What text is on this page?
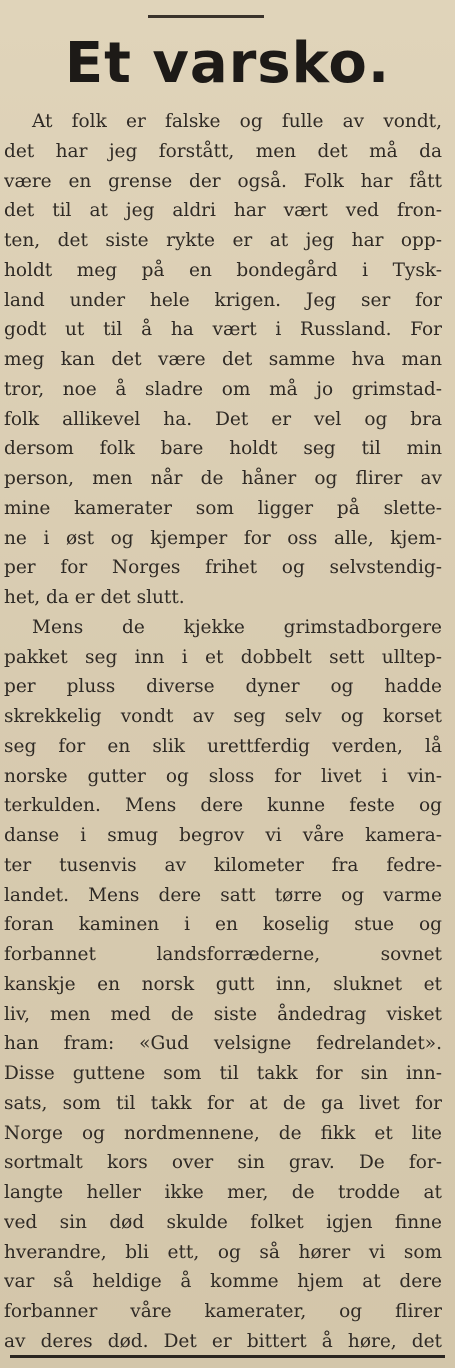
Et varsko.
At folk er falske og fulle av vondt,
det har jeg forstått, men det må da
være en grense der også. Folk har fått
det til at jeg aldri har vært ved fron-
ten, det siste rykte er at jeg har opp-
holdt meg på en bondegård i Tysk-
land under hele krigen. Jeg ser for
godt ut til å ha vært i Russland. For
meg kan det være det samme hva man
tror, noe å sladre om må jo grimstad-
folk allikevel ha. Det er vel og bra
dersom folk bare holdt seg til min
person, men når de håner og flirer av
mine kamerater som ligger på slette-
ne i øst og kjemper for oss alle, kjem-
per for Norges frihet og selvstendig-
het, da er det slutt.
Mens de kjekke grimstadborgere
pakket seg inn i et dobbelt sett ulltep-
per pluss diverse dyner og hadde
skrekkelig vondt av seg selv og korset
seg for en slik urettferdig verden, lå
norske gutter og sloss for livet i vin-
terkulden. Mens dere kunne feste og
danse i smug begrov vi våre kamera-
ter tusenvis av kilometer fra fedre-
landet. Mens dere satt tørre og varme
foran kaminen i en koselig stue og
forbannet landsforræderne, sovnet
kanskje en norsk gutt inn, sluknet et
liv, men med de siste åndedrag visket
han fram: «Gud velsigne fedrelandet».
Disse guttene som til takk for sin inn-
sats, som til takk for at de ga livet for
Norge og nordmennene, de fikk et lite
sortmalt kors over sin grav. De for-
langte heller ikke mer, de trodde at
ved sin død skulde folket igjen finne
hverandre, bli ett, og så hører vi som
var så heldige å komme hjem at dere
forbanner våre kamerater, og flirer
av deres død. Det er bittert å høre, det
